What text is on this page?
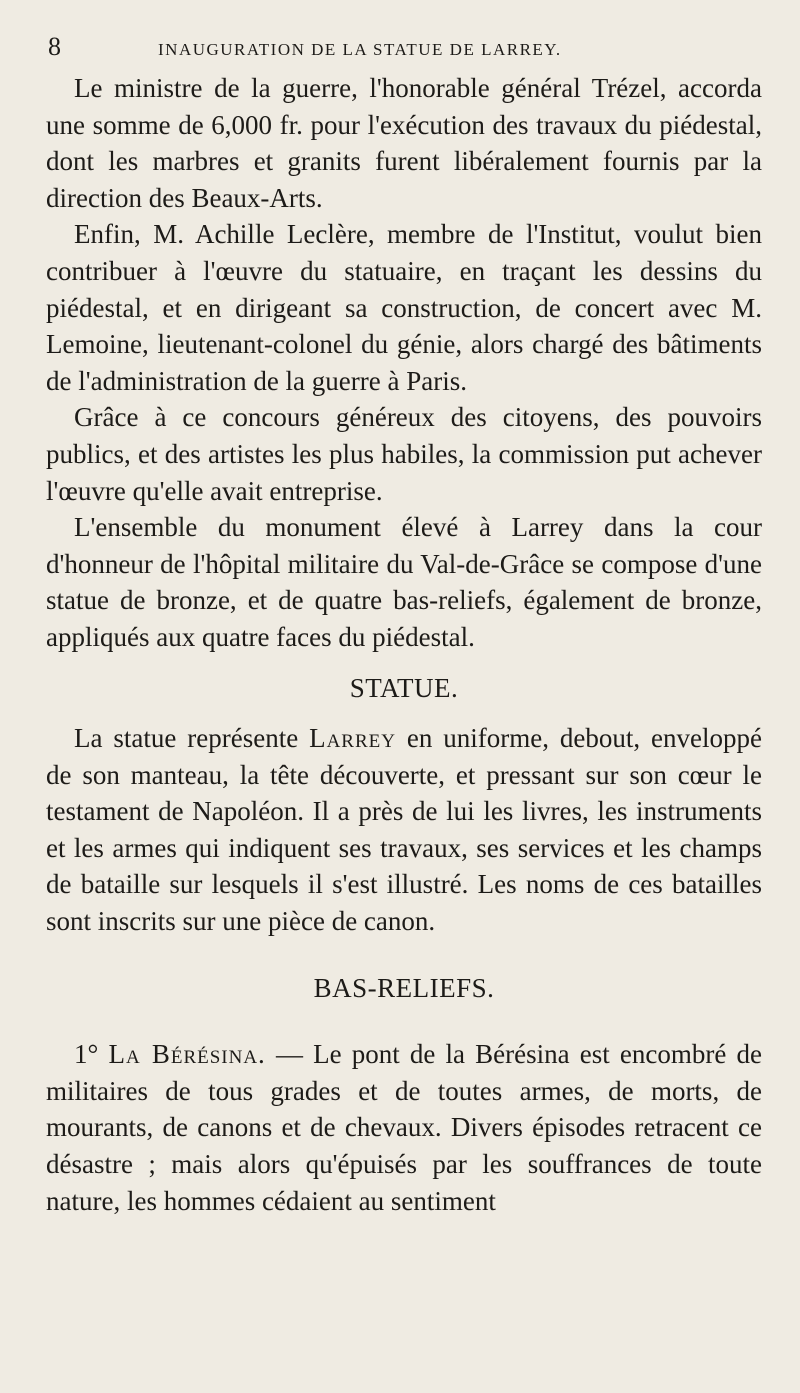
8	INAUGURATION DE LA STATUE DE LARREY.

Le ministre de la guerre, l'honorable général Trézel, accorda une somme de 6,000 fr. pour l'exécution des travaux du piédestal, dont les marbres et granits furent libéralement fournis par la direction des Beaux-Arts.

Enfin, M. Achille Leclère, membre de l'Institut, voulut bien contribuer à l'œuvre du statuaire, en traçant les dessins du piédestal, et en dirigeant sa construction, de concert avec M. Lemoine, lieutenant-colonel du génie, alors chargé des bâtiments de l'administration de la guerre à Paris.

Grâce à ce concours généreux des citoyens, des pouvoirs publics, et des artistes les plus habiles, la commission put achever l'œuvre qu'elle avait entreprise.

L'ensemble du monument élevé à Larrey dans la cour d'honneur de l'hôpital militaire du Val-de-Grâce se compose d'une statue de bronze, et de quatre bas-reliefs, également de bronze, appliqués aux quatre faces du piédestal.

STATUE.

La statue représente Larrey en uniforme, debout, enveloppé de son manteau, la tête découverte, et pressant sur son cœur le testament de Napoléon. Il a près de lui les livres, les instruments et les armes qui indiquent ses travaux, ses services et les champs de bataille sur lesquels il s'est illustré. Les noms de ces batailles sont inscrits sur une pièce de canon.

BAS-RELIEFS.

1° La Bérésina. — Le pont de la Bérésina est encombré de militaires de tous grades et de toutes armes, de morts, de mourants, de canons et de chevaux. Divers épisodes retracent ce désastre ; mais alors qu'épuisés par les souffrances de toute nature, les hommes cédaient au sentiment
